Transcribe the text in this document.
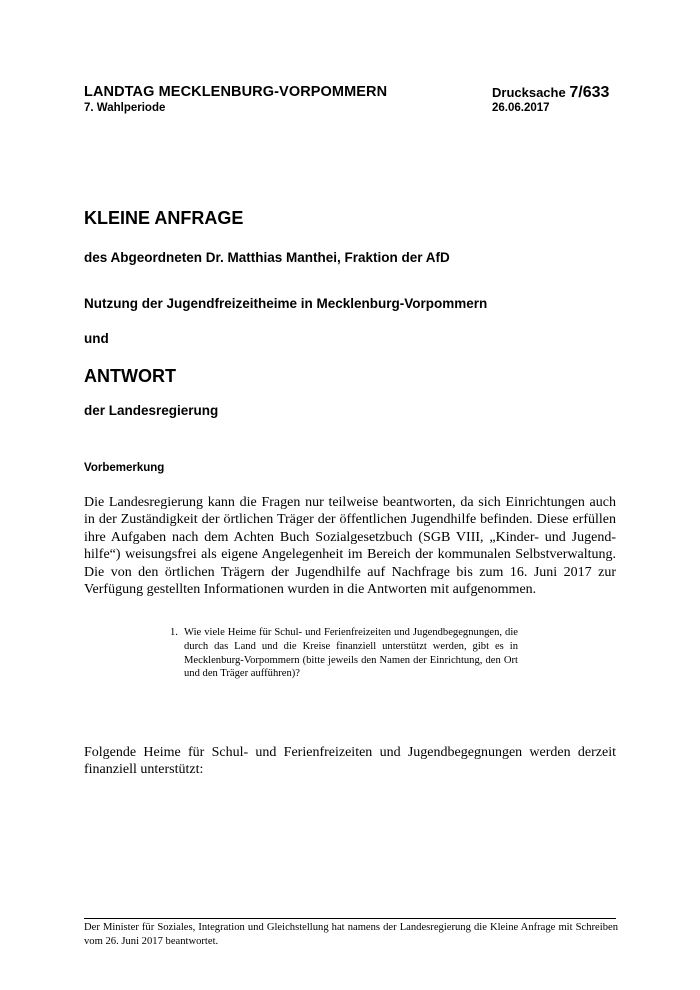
LANDTAG MECKLENBURG-VORPOMMERN
7. Wahlperiode
Drucksache 7/633
26.06.2017
KLEINE ANFRAGE
des Abgeordneten Dr. Matthias Manthei, Fraktion der AfD
Nutzung der Jugendfreizeitheime in Mecklenburg-Vorpommern
und
ANTWORT
der Landesregierung
Vorbemerkung
Die Landesregierung kann die Fragen nur teilweise beantworten, da sich Einrichtungen auch in der Zuständigkeit der örtlichen Träger der öffentlichen Jugendhilfe befinden. Diese erfüllen ihre Aufgaben nach dem Achten Buch Sozialgesetzbuch (SGB VIII, „Kinder- und Jugend-hilfe“) weisungsfrei als eigene Angelegenheit im Bereich der kommunalen Selbstverwaltung. Die von den örtlichen Trägern der Jugendhilfe auf Nachfrage bis zum 16. Juni 2017 zur Verfügung gestellten Informationen wurden in die Antworten mit aufgenommen.
1. Wie viele Heime für Schul- und Ferienfreizeiten und Jugendbegegnungen, die durch das Land und die Kreise finanziell unterstützt werden, gibt es in Mecklenburg-Vorpommern (bitte jeweils den Namen der Einrichtung, den Ort und den Träger aufführen)?
Folgende Heime für Schul- und Ferienfreizeiten und Jugendbegegnungen werden derzeit finanziell unterstützt:
Der Minister für Soziales, Integration und Gleichstellung hat namens der Landesregierung die Kleine Anfrage mit Schreiben vom 26. Juni 2017 beantwortet.
